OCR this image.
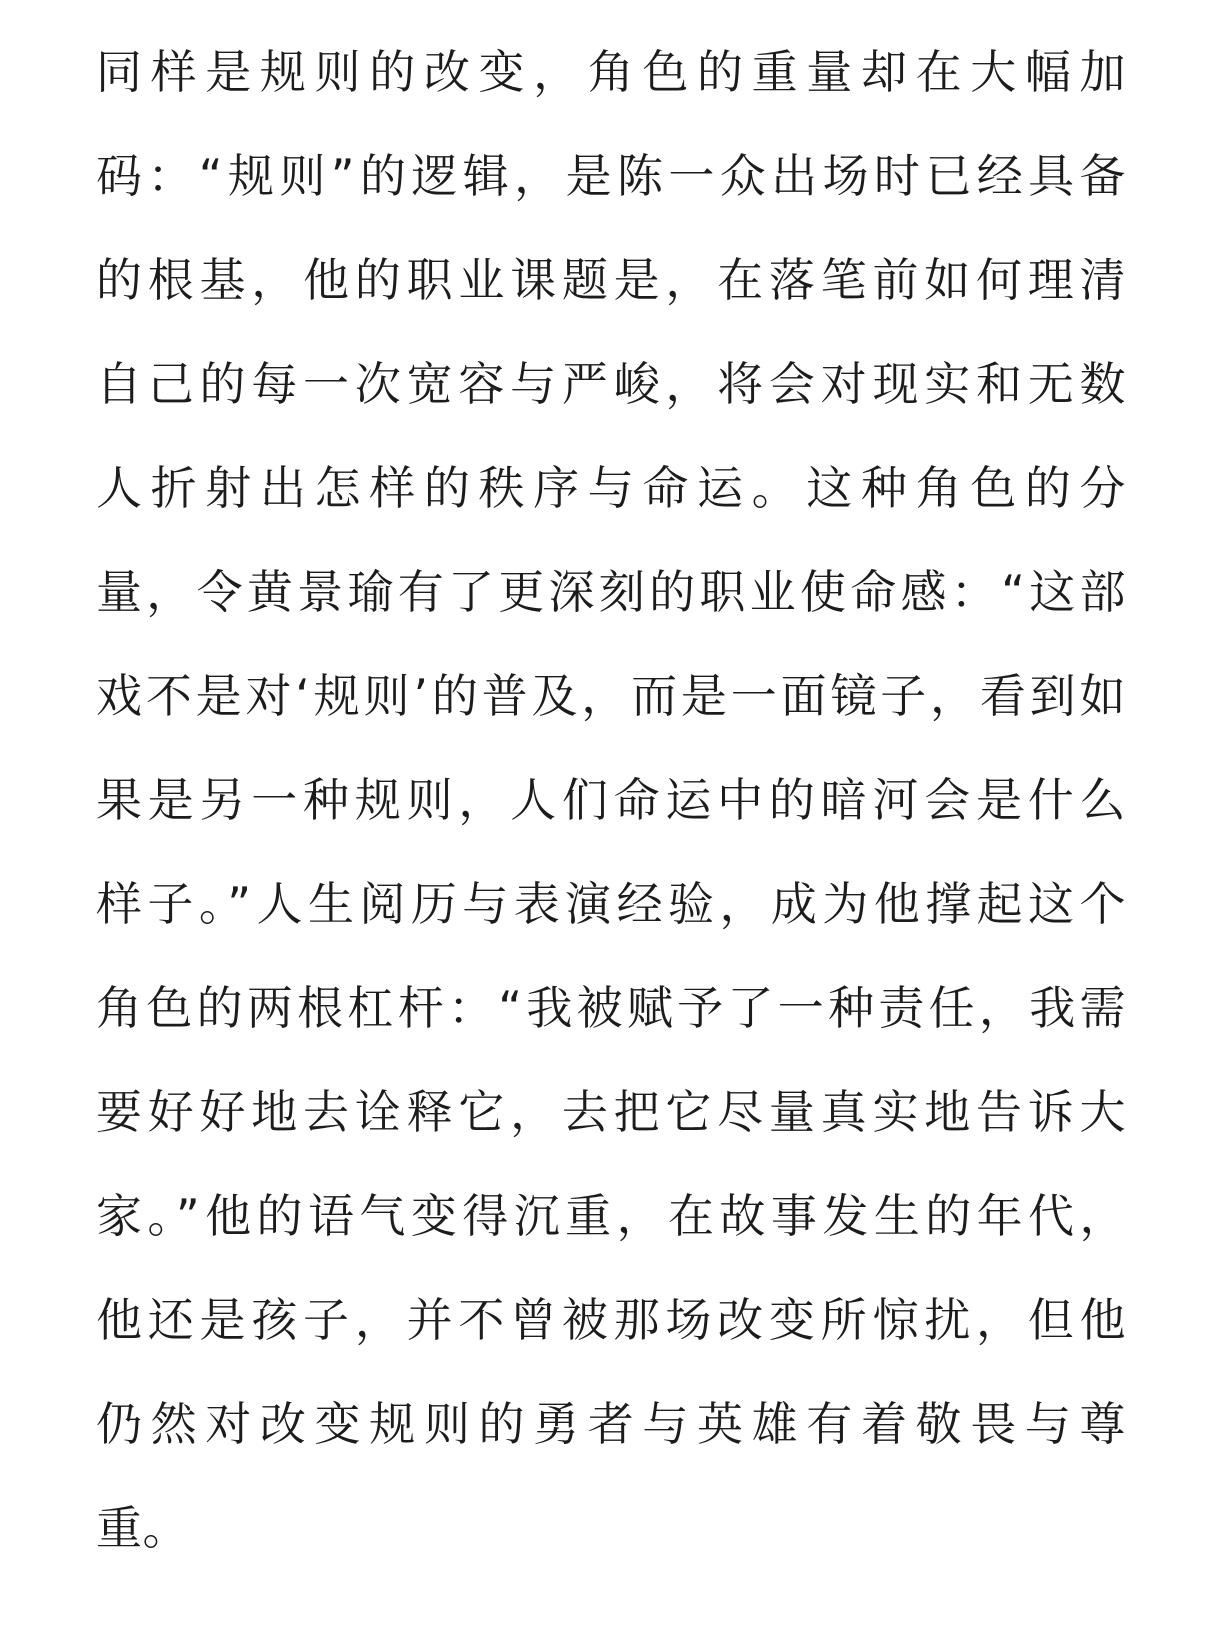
同样是规则的改变，角色的重量却在大幅加
码：“规则”的逻辑，是陈一众出场时已经具备
的根基，他的职业课题是，在落笔前如何理清
自己的每一次宽容与严峻，将会对现实和无数
人折射出怎样的秩序与命运。这种角色的分
量，令黄景瑜有了更深刻的职业使命感：“这部
戏不是对‘规则’的普及，而是一面镜子，看到如
果是另一种规则，人们命运中的暗河会是什么
样子。”人生阅历与表演经验，成为他撑起这个
角色的两根杠杆：“我被赋予了一种责任，我需
要好好地去诠释它，去把它尽量真实地告诉大
家。”他的语气变得沉重，在故事发生的年代，
他还是孩子，并不曾被那场改变所惊扰，但他
仍然对改变规则的勇者与英雄有着敬畏与尊
重。
